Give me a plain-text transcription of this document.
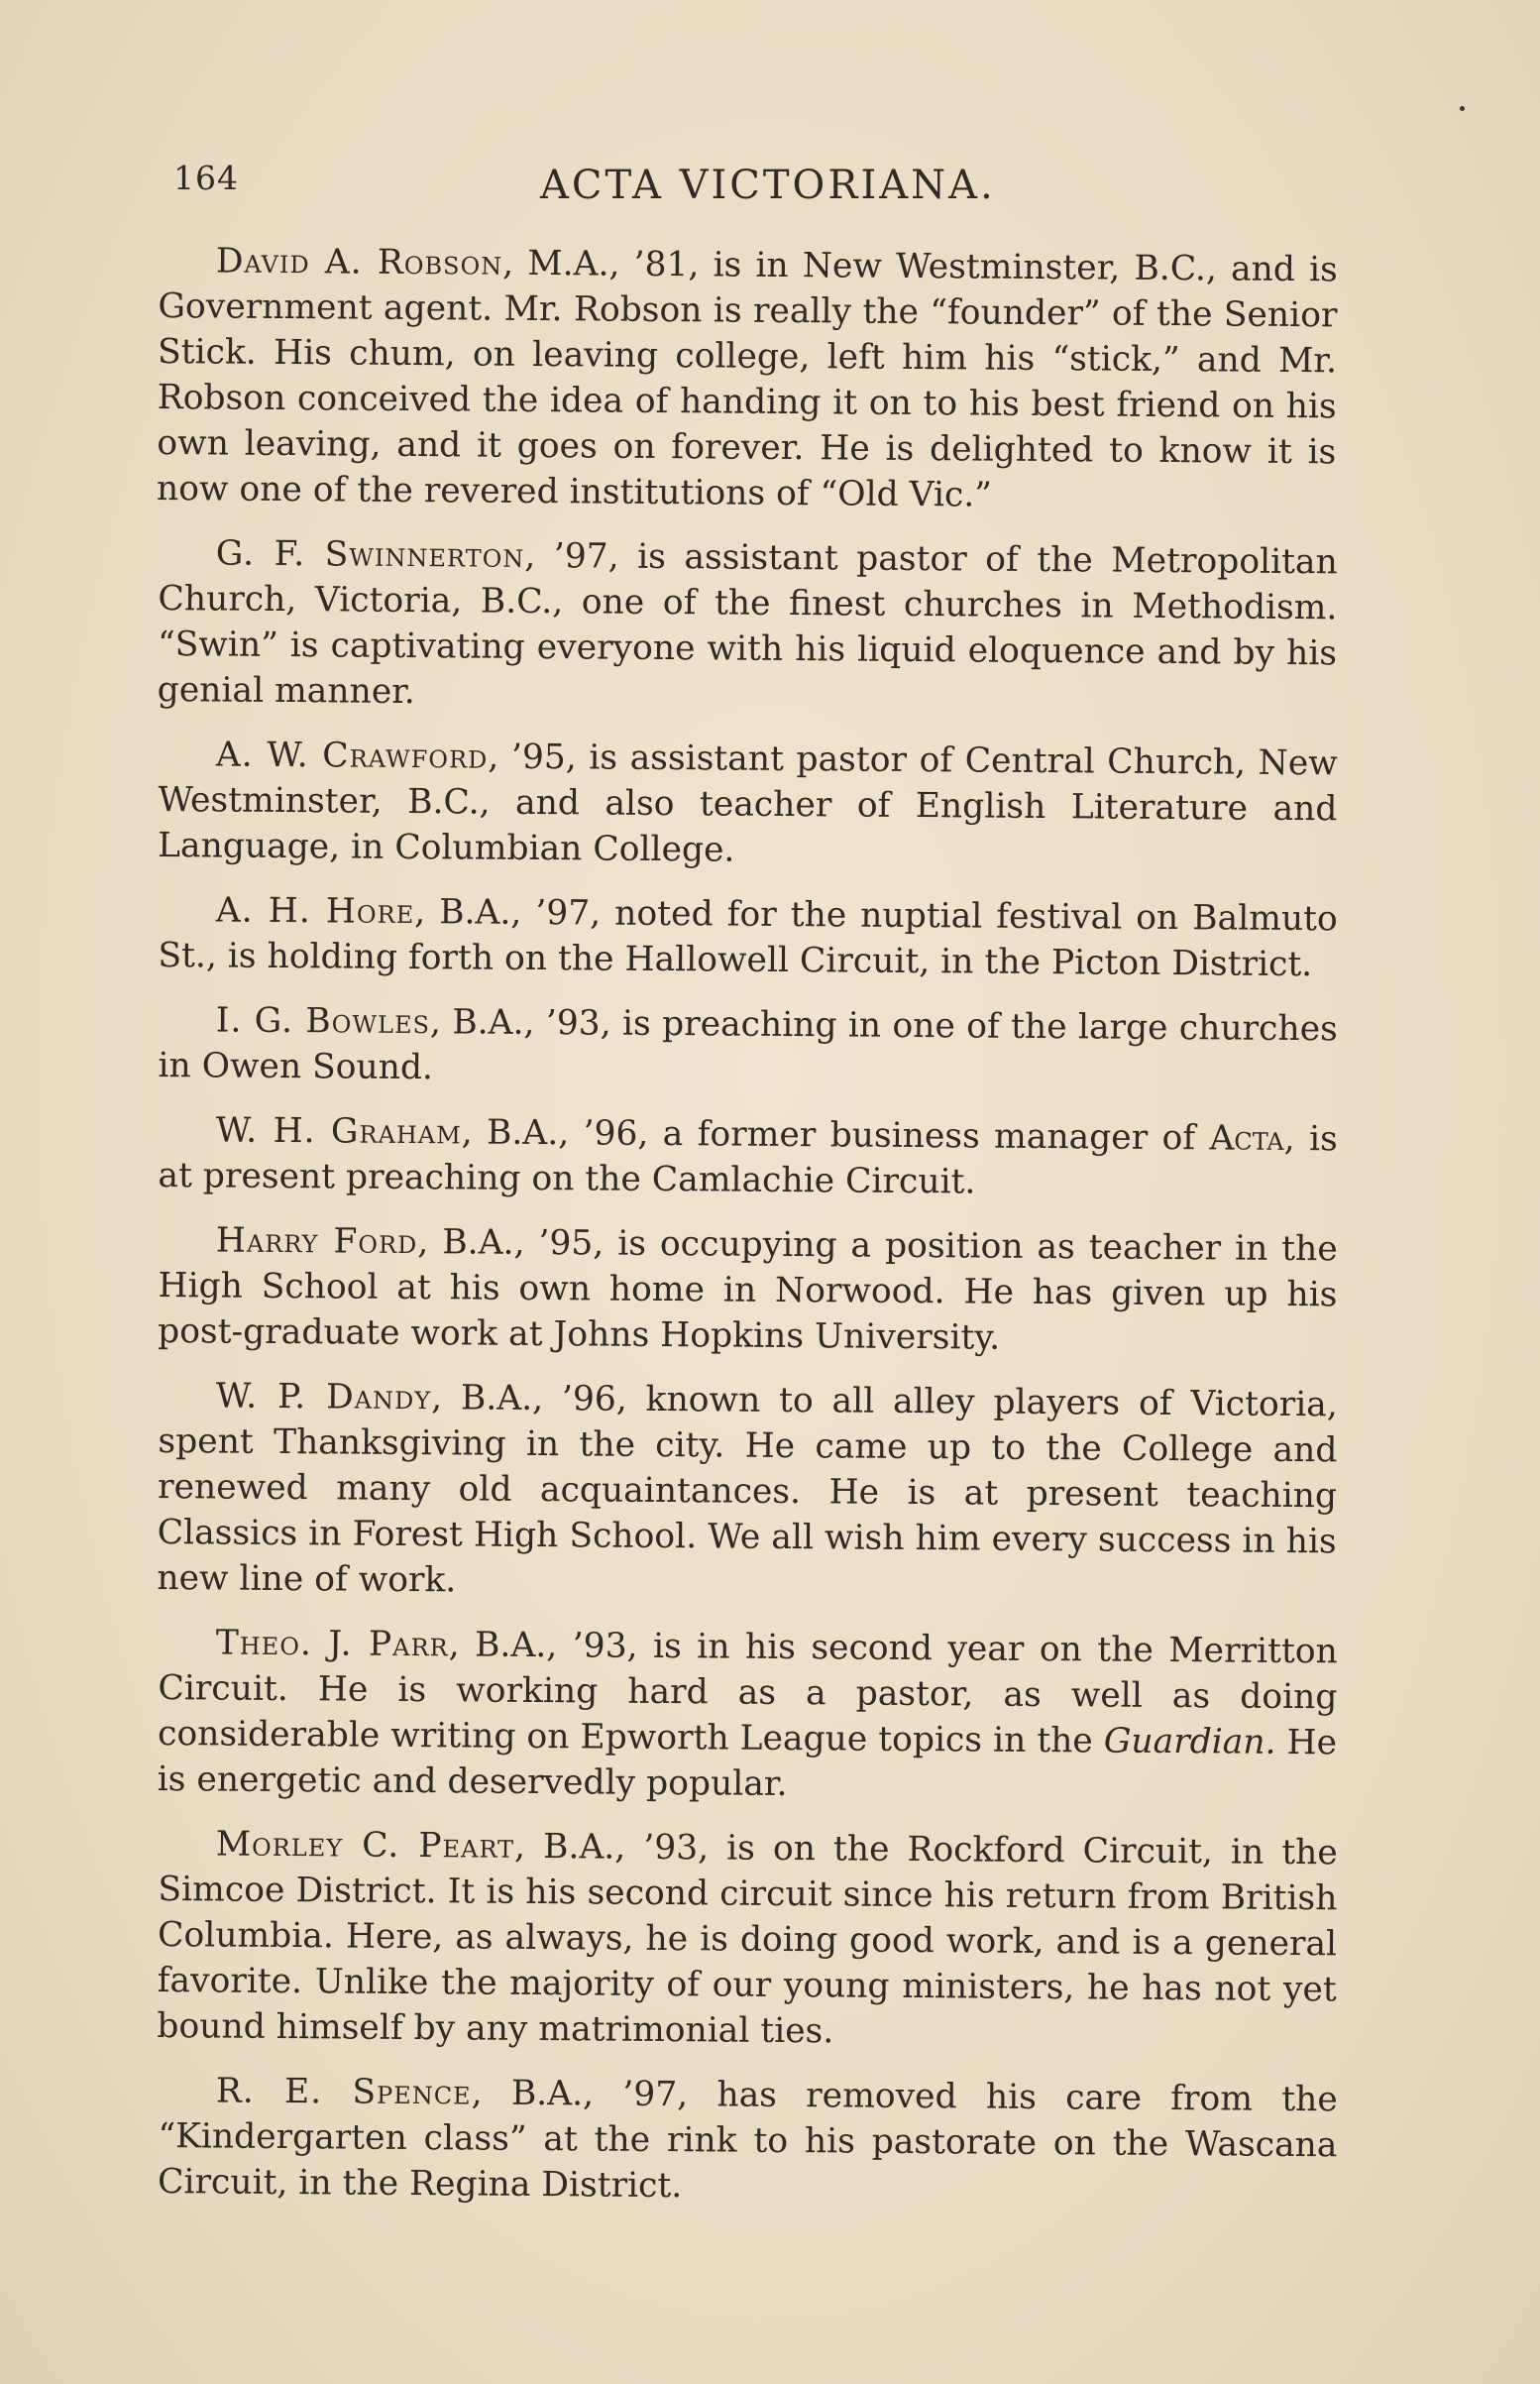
164	ACTA VICTORIANA.

David A. Robson, M.A., ’81, is in New Westminster, B.C., and is Government agent. Mr. Robson is really the “founder” of the Senior Stick. His chum, on leaving college, left him his “stick,” and Mr. Robson conceived the idea of handing it on to his best friend on his own leaving, and it goes on forever. He is delighted to know it is now one of the revered institutions of “Old Vic.”

G. F. Swinnerton, ’97, is assistant pastor of the Metropolitan Church, Victoria, B.C., one of the finest churches in Methodism. “Swin” is captivating everyone with his liquid eloquence and by his genial manner.

A. W. Crawford, ’95, is assistant pastor of Central Church, New Westminster, B.C., and also teacher of English Literature and Language, in Columbian College.

A. H. Hore, B.A., ’97, noted for the nuptial festival on Balmuto St., is holding forth on the Hallowell Circuit, in the Picton District.

I. G. Bowles, B.A., ’93, is preaching in one of the large churches in Owen Sound.

W. H. Graham, B.A., ’96, a former business manager of Acta, is at present preaching on the Camlachie Circuit.

Harry Ford, B.A., ’95, is occupying a position as teacher in the High School at his own home in Norwood. He has given up his post-graduate work at Johns Hopkins University.

W. P. Dandy, B.A., ’96, known to all alley players of Victoria, spent Thanksgiving in the city. He came up to the College and renewed many old acquaintances. He is at present teaching Classics in Forest High School. We all wish him every success in his new line of work.

Theo. J. Parr, B.A., ’93, is in his second year on the Merritton Circuit. He is working hard as a pastor, as well as doing considerable writing on Epworth League topics in the Guardian. He is energetic and deservedly popular.

Morley C. Peart, B.A., ’93, is on the Rockford Circuit, in the Simcoe District. It is his second circuit since his return from British Columbia. Here, as always, he is doing good work, and is a general favorite. Unlike the majority of our young ministers, he has not yet bound himself by any matrimonial ties.

R. E. Spence, B.A., ’97, has removed his care from the “Kindergarten class” at the rink to his pastorate on the Wascana Circuit, in the Regina District.
